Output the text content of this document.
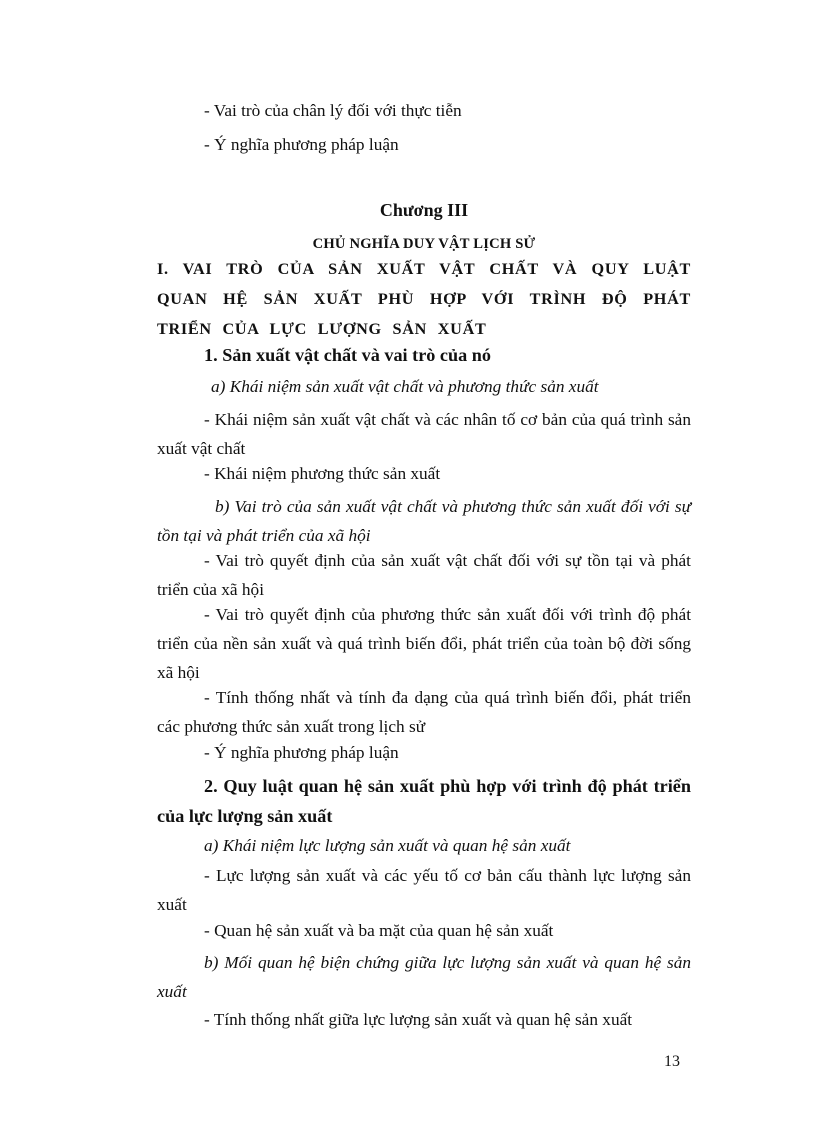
- Vai trò của chân lý đối với thực tiễn
- Ý nghĩa phương pháp luận
Chương III
CHỦ NGHĨA DUY VẬT LỊCH SỬ
I. VAI TRÒ CỦA SẢN XUẤT VẬT CHẤT VÀ QUY LUẬT QUAN HỆ SẢN XUẤT PHÙ HỢP VỚI TRÌNH ĐỘ PHÁT TRIỂN CỦA LỰC LƯỢNG SẢN XUẤT
1. Sản xuất vật chất và vai trò của nó
a) Khái niệm sản xuất vật chất và phương thức sản xuất
- Khái niệm sản xuất vật chất và các nhân tố cơ bản của quá trình sản xuất vật chất
- Khái niệm phương thức sản xuất
b) Vai trò của sản xuất vật chất và phương thức sản xuất đối với sự tồn tại và phát triển của xã hội
- Vai trò quyết định của sản xuất vật chất đối với sự tồn tại và phát triển của xã hội
- Vai trò quyết định của phương thức sản xuất đối với trình độ phát triển của nền sản xuất và quá trình biến đổi, phát triển của toàn bộ đời sống xã hội
- Tính thống nhất và tính đa dạng của quá trình biến đổi, phát triển các phương thức sản xuất trong lịch sử
- Ý nghĩa phương pháp luận
2. Quy luật quan hệ sản xuất phù hợp với trình độ phát triển của lực lượng sản xuất
a) Khái niệm lực lượng sản xuất và quan hệ sản xuất
- Lực lượng sản xuất và các yếu tố cơ bản cấu thành lực lượng sản xuất
- Quan hệ sản xuất và ba mặt của quan hệ sản xuất
b) Mối quan hệ biện chứng giữa lực lượng sản xuất và quan hệ sản xuất
- Tính thống nhất giữa lực lượng sản xuất và quan hệ sản xuất
13
